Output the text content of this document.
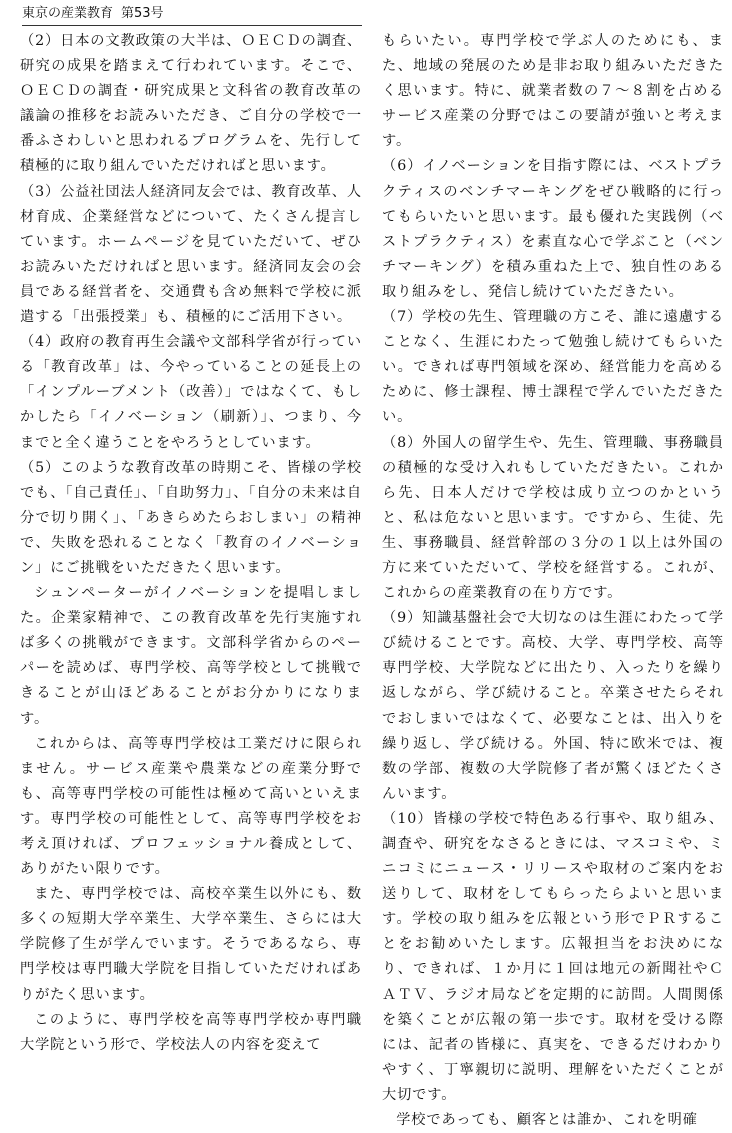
東京の産業教育 第53号

（2）日本の文教政策の大半は、ＯＥＣＤの調査、研究の成果を踏まえて行われています。そこで、ＯＥＣＤの調査・研究成果と文科省の教育改革の議論の推移をお読みいただき、ご自分の学校で一番ふさわしいと思われるプログラムを、先行して積極的に取り組んでいただければと思います。

（3）公益社団法人経済同友会では、教育改革、人材育成、企業経営などについて、たくさん提言しています。ホームページを見ていただいて、ぜひお読みいただければと思います。経済同友会の会員である経営者を、交通費も含め無料で学校に派遣する「出張授業」も、積極的にご活用下さい。

（4）政府の教育再生会議や文部科学省が行っている「教育改革」は、今やっていることの延長上の「インプルーブメント（改善）」ではなくて、もしかしたら「イノベーション（刷新）」、つまり、今までと全く違うことをやろうとしています。

（5）このような教育改革の時期こそ、皆様の学校でも、「自己責任」、「自助努力」、「自分の未来は自分で切り開く」、「あきらめたらおしまい」の精神で、失敗を恐れることなく「教育のイノベーション」にご挑戦をいただきたく思います。

シュンペーターがイノベーションを提唱しました。企業家精神で、この教育改革を先行実施すれば多くの挑戦ができます。文部科学省からのペーパーを読めば、専門学校、高等学校として挑戦できることが山ほどあることがお分かりになります。

これからは、高等専門学校は工業だけに限られません。サービス産業や農業などの産業分野でも、高等専門学校の可能性は極めて高いといえます。専門学校の可能性として、高等専門学校をお考え頂ければ、プロフェッショナル養成として、ありがたい限りです。

また、専門学校では、高校卒業生以外にも、数多くの短期大学卒業生、大学卒業生、さらには大学院修了生が学んでいます。そうであるなら、専門学校は専門職大学院を目指していただければありがたく思います。

このように、専門学校を高等専門学校か専門職大学院という形で、学校法人の内容を変えて

もらいたい。専門学校で学ぶ人のためにも、また、地域の発展のため是非お取り組みいただきたく思います。特に、就業者数の７～８割を占めるサービス産業の分野ではこの要請が強いと考えます。

（6）イノベーションを目指す際には、ベストプラクティスのベンチマーキングをぜひ戦略的に行ってもらいたいと思います。最も優れた実践例（ベストプラクティス）を素直な心で学ぶこと（ベンチマーキング）を積み重ねた上で、独自性のある取り組みをし、発信し続けていただきたい。

（7）学校の先生、管理職の方こそ、誰に遠慮することなく、生涯にわたって勉強し続けてもらいたい。できれば専門領域を深め、経営能力を高めるために、修士課程、博士課程で学んでいただきたい。

（8）外国人の留学生や、先生、管理職、事務職員の積極的な受け入れもしていただきたい。これから先、日本人だけで学校は成り立つのかというと、私は危ないと思います。ですから、生徒、先生、事務職員、経営幹部の３分の１以上は外国の方に来ていただいて、学校を経営する。これが、これからの産業教育の在り方です。

（9）知識基盤社会で大切なのは生涯にわたって学び続けることです。高校、大学、専門学校、高等専門学校、大学院などに出たり、入ったりを繰り返しながら、学び続けること。卒業させたらそれでおしまいではなくて、必要なことは、出入りを繰り返し、学び続ける。外国、特に欧米では、複数の学部、複数の大学院修了者が驚くほどたくさんいます。

（10）皆様の学校で特色ある行事や、取り組み、調査や、研究をなさるときには、マスコミや、ミニコミにニュース・リリースや取材のご案内をお送りして、取材をしてもらったらよいと思います。学校の取り組みを広報という形でＰＲすることをお勧めいたします。広報担当をお決めになり、できれば、１か月に１回は地元の新聞社やＣＡＴＶ、ラジオ局などを定期的に訪問。人間関係を築くことが広報の第一歩です。取材を受ける際には、記者の皆様に、真実を、できるだけわかりやすく、丁寧親切に説明、理解をいただくことが大切です。

学校であっても、顧客とは誰か、これを明確
